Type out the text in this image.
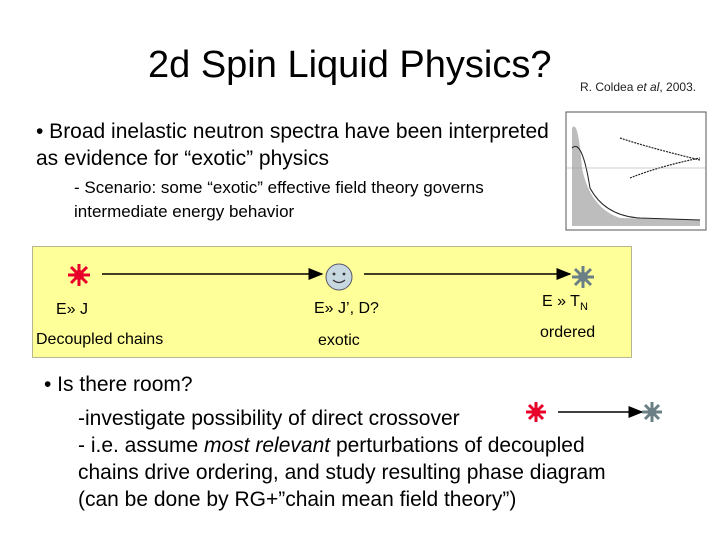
2d Spin Liquid Physics?
R. Coldea et al, 2003.
• Broad inelastic neutron spectra have been interpreted as evidence for “exotic” physics
- Scenario: some “exotic” effective field theory governs intermediate energy behavior
E» J
Decoupled chains
E» J’, D?
exotic
E » $T_N$
ordered
• Is there room?
-investigate possibility of direct crossover
- i.e. assume most relevant perturbations of decoupled
chains drive ordering, and study resulting phase diagram
(can be done by RG+”chain mean field theory”)
